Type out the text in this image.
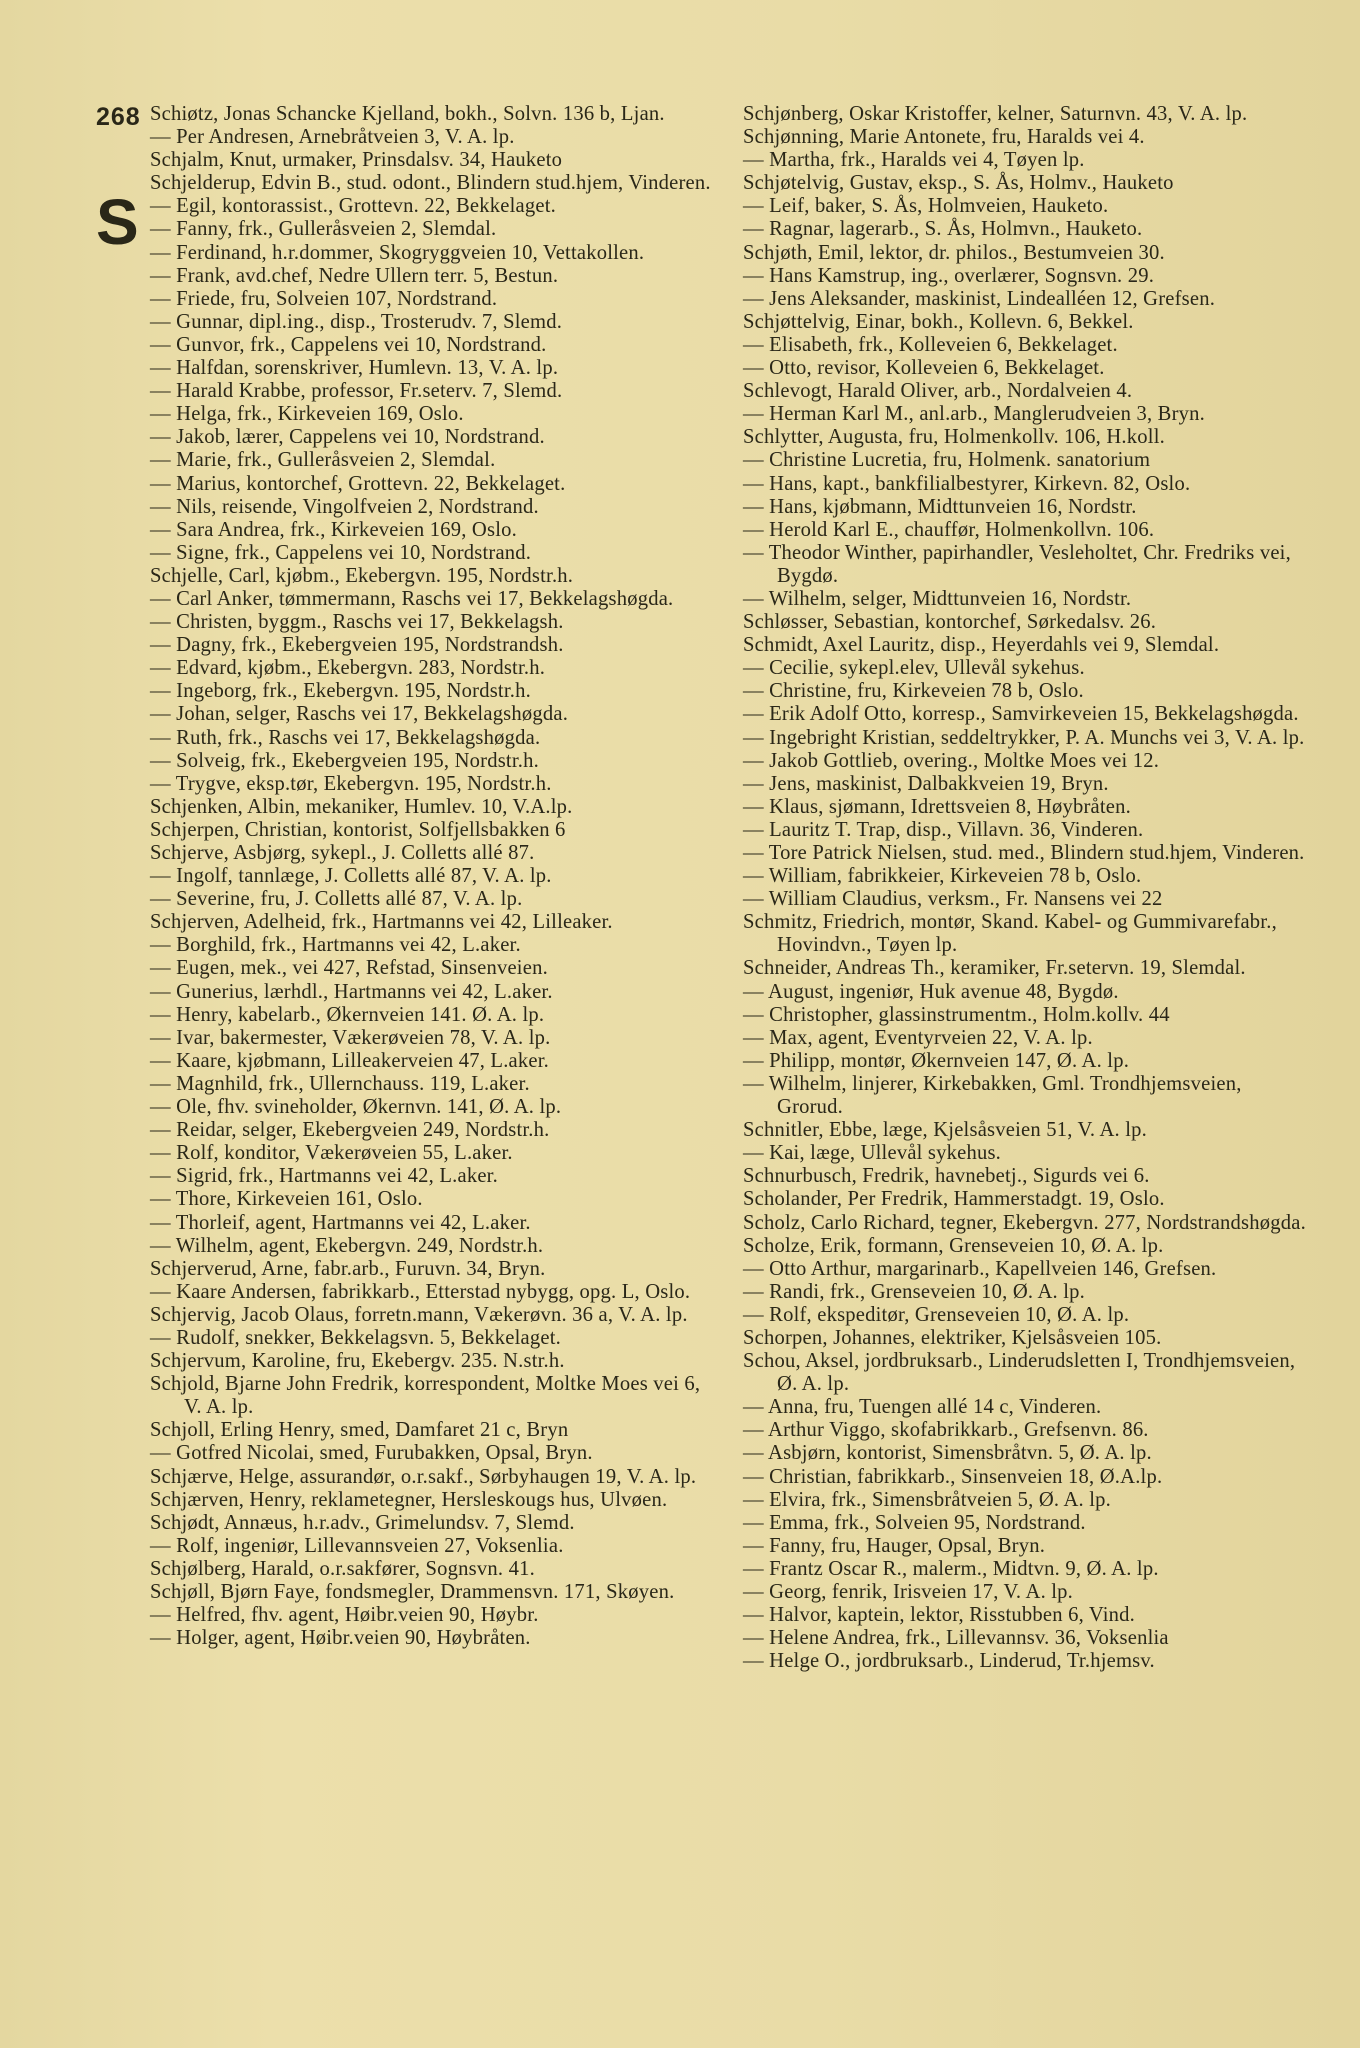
268
S
Schiøtz, Jonas Schancke Kjelland, bokh., Solvn. 136 b, Ljan.
— Per Andresen, Arnebråtveien 3, V. A. lp.
Schjalm, Knut, urmaker, Prinsdalsv. 34, Hauketo
Schjelderup, Edvin B., stud. odont., Blindern stud.hjem, Vinderen.
— Egil, kontorassist., Grottevn. 22, Bekkelaget.
— Fanny, frk., Gulleråsveien 2, Slemdal.
— Ferdinand, h.r.dommer, Skogryggveien 10, Vettakollen.
— Frank, avd.chef, Nedre Ullern terr. 5, Bestun.
— Friede, fru, Solveien 107, Nordstrand.
— Gunnar, dipl.ing., disp., Trosterudv. 7, Slemd.
— Gunvor, frk., Cappelens vei 10, Nordstrand.
— Halfdan, sorenskriver, Humlevn. 13, V. A. lp.
— Harald Krabbe, professor, Fr.seterv. 7, Slemd.
— Helga, frk., Kirkeveien 169, Oslo.
— Jakob, lærer, Cappelens vei 10, Nordstrand.
— Marie, frk., Gulleråsveien 2, Slemdal.
— Marius, kontorchef, Grottevn. 22, Bekkelaget.
— Nils, reisende, Vingolfveien 2, Nordstrand.
— Sara Andrea, frk., Kirkeveien 169, Oslo.
— Signe, frk., Cappelens vei 10, Nordstrand.
Schjelle, Carl, kjøbm., Ekebergvn. 195, Nordstr.h.
— Carl Anker, tømmermann, Raschs vei 17, Bekkelagshøgda.
— Christen, byggm., Raschs vei 17, Bekkelagsh.
— Dagny, frk., Ekebergveien 195, Nordstrandsh.
— Edvard, kjøbm., Ekebergvn. 283, Nordstr.h.
— Ingeborg, frk., Ekebergvn. 195, Nordstr.h.
— Johan, selger, Raschs vei 17, Bekkelagshøgda.
— Ruth, frk., Raschs vei 17, Bekkelagshøgda.
— Solveig, frk., Ekebergveien 195, Nordstr.h.
— Trygve, eksp.tør, Ekebergvn. 195, Nordstr.h.
Schjenken, Albin, mekaniker, Humlev. 10, V.A.lp.
Schjerpen, Christian, kontorist, Solfjellsbakken 6
Schjerve, Asbjørg, sykepl., J. Colletts allé 87.
— Ingolf, tannlæge, J. Colletts allé 87, V. A. lp.
— Severine, fru, J. Colletts allé 87, V. A. lp.
Schjerven, Adelheid, frk., Hartmanns vei 42, Lilleaker.
— Borghild, frk., Hartmanns vei 42, L.aker.
— Eugen, mek., vei 427, Refstad, Sinsenveien.
— Gunerius, lærhdl., Hartmanns vei 42, L.aker.
— Henry, kabelarb., Økernveien 141. Ø. A. lp.
— Ivar, bakermester, Vækerøveien 78, V. A. lp.
— Kaare, kjøbmann, Lilleakerveien 47, L.aker.
— Magnhild, frk., Ullernchauss. 119, L.aker.
— Ole, fhv. svineholder, Økernvn. 141, Ø. A. lp.
— Reidar, selger, Ekebergveien 249, Nordstr.h.
— Rolf, konditor, Vækerøveien 55, L.aker.
— Sigrid, frk., Hartmanns vei 42, L.aker.
— Thore, Kirkeveien 161, Oslo.
— Thorleif, agent, Hartmanns vei 42, L.aker.
— Wilhelm, agent, Ekebergvn. 249, Nordstr.h.
Schjerverud, Arne, fabr.arb., Furuvn. 34, Bryn.
— Kaare Andersen, fabrikkarb., Etterstad nybygg, opg. L, Oslo.
Schjervig, Jacob Olaus, forretn.mann, Vækerøvn. 36 a, V. A. lp.
— Rudolf, snekker, Bekkelagsvn. 5, Bekkelaget.
Schjervum, Karoline, fru, Ekebergv. 235. N.str.h.
Schjold, Bjarne John Fredrik, korrespondent, Moltke Moes vei 6, V. A. lp.
Schjoll, Erling Henry, smed, Damfaret 21 c, Bryn
— Gotfred Nicolai, smed, Furubakken, Opsal, Bryn.
Schjærve, Helge, assurandør, o.r.sakf., Sørbyhaugen 19, V. A. lp.
Schjærven, Henry, reklametegner, Hersleskougs hus, Ulvøen.
Schjødt, Annæus, h.r.adv., Grimelundsv. 7, Slemd.
— Rolf, ingeniør, Lillevannsveien 27, Voksenlia.
Schjølberg, Harald, o.r.sakfører, Sognsvn. 41.
Schjøll, Bjørn Faye, fondsmegler, Drammensvn. 171, Skøyen.
— Helfred, fhv. agent, Høibr.veien 90, Høybr.
— Holger, agent, Høibr.veien 90, Høybråten.
Schjønberg, Oskar Kristoffer, kelner, Saturnvn. 43, V. A. lp.
Schjønning, Marie Antonete, fru, Haralds vei 4.
— Martha, frk., Haralds vei 4, Tøyen lp.
Schjøtelvig, Gustav, eksp., S. Ås, Holmv., Hauketo
— Leif, baker, S. Ås, Holmveien, Hauketo.
— Ragnar, lagerarb., S. Ås, Holmvn., Hauketo.
Schjøth, Emil, lektor, dr. philos., Bestumveien 30.
— Hans Kamstrup, ing., overlærer, Sognsvn. 29.
— Jens Aleksander, maskinist, Lindealléen 12, Grefsen.
Schjøttelvig, Einar, bokh., Kollevn. 6, Bekkel.
— Elisabeth, frk., Kolleveien 6, Bekkelaget.
— Otto, revisor, Kolleveien 6, Bekkelaget.
Schlevogt, Harald Oliver, arb., Nordalveien 4.
— Herman Karl M., anl.arb., Manglerudveien 3, Bryn.
Schlytter, Augusta, fru, Holmenkollv. 106, H.koll.
— Christine Lucretia, fru, Holmenk. sanatorium
— Hans, kapt., bankfilialbestyrer, Kirkevn. 82, Oslo.
— Hans, kjøbmann, Midttunveien 16, Nordstr.
— Herold Karl E., chauffør, Holmenkollvn. 106.
— Theodor Winther, papirhandler, Veslеholtet, Chr. Fredriks vei, Bygdø.
— Wilhelm, selger, Midttunveien 16, Nordstr.
Schløsser, Sebastian, kontorchef, Sørkedalsv. 26.
Schmidt, Axel Lauritz, disp., Heyerdahls vei 9, Slemdal.
— Cecilie, sykepl.elev, Ullevål sykehus.
— Christine, fru, Kirkeveien 78 b, Oslo.
— Erik Adolf Otto, korresp., Samvirkeveien 15, Bekkelagshøgda.
— Ingebright Kristian, seddeltrykker, P. A. Munchs vei 3, V. A. lp.
— Jakob Gottlieb, overing., Moltke Moes vei 12.
— Jens, maskinist, Dalbakkveien 19, Bryn.
— Klaus, sjømann, Idrettsveien 8, Høybråten.
— Lauritz T. Trap, disp., Villavn. 36, Vinderen.
— Tore Patrick Nielsen, stud. med., Blindern stud.hjem, Vinderen.
— William, fabrikkeier, Kirkeveien 78 b, Oslo.
— William Claudius, verksm., Fr. Nansens vei 22
Schmitz, Friedrich, montør, Skand. Kabel- og Gummivarefabr., Hovindvn., Tøyen lp.
Schneider, Andreas Th., keramiker, Fr.setervn. 19, Slemdal.
— August, ingeniør, Huk avenue 48, Bygdø.
— Christopher, glassinstrumentm., Holm.kollv. 44
— Max, agent, Eventyrveien 22, V. A. lp.
— Philipp, montør, Økernveien 147, Ø. A. lp.
— Wilhelm, linjerer, Kirkebakken, Gml. Trondhjemsveien, Grorud.
Schnitler, Ebbe, læge, Kjelsåsveien 51, V. A. lp.
— Kai, læge, Ullevål sykehus.
Schnurbusch, Fredrik, havnebetj., Sigurds vei 6.
Scholander, Per Fredrik, Hammerstadgt. 19, Oslo.
Scholz, Carlo Richard, tegner, Ekebergvn. 277, Nordstrandshøgda.
Scholze, Erik, formann, Grenseveien 10, Ø. A. lp.
— Otto Arthur, margarinarb., Kapellveien 146, Grefsen.
— Randi, frk., Grenseveien 10, Ø. A. lp.
— Rolf, ekspeditør, Grenseveien 10, Ø. A. lp.
Schorpen, Johannes, elektriker, Kjelsåsveien 105.
Schou, Aksel, jordbruksarb., Linderudsletten I, Trondhjemsveien, Ø. A. lp.
— Anna, fru, Tuengen allé 14 c, Vinderen.
— Arthur Viggo, skofabrikkarb., Grefsenvn. 86.
— Asbjørn, kontorist, Simensbråtvn. 5, Ø. A. lp.
— Christian, fabrikkarb., Sinsenveien 18, Ø.A.lp.
— Elvira, frk., Simensbråtveien 5, Ø. A. lp.
— Emma, frk., Solveien 95, Nordstrand.
— Fanny, fru, Hauger, Opsal, Bryn.
— Frantz Oscar R., malerm., Midtvn. 9, Ø. A. lp.
— Georg, fenrik, Irisveien 17, V. A. lp.
— Halvor, kaptein, lektor, Risstubben 6, Vind.
— Helene Andrea, frk., Lillevannsv. 36, Voksenlia
— Helge O., jordbruksarb., Linderud, Tr.hjemsv.
